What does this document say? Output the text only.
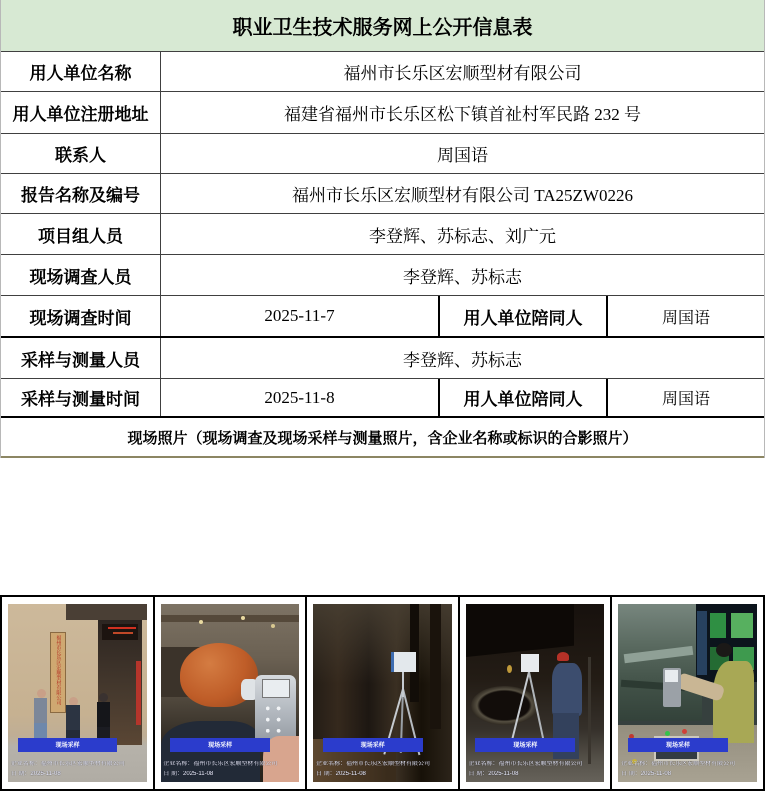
职业卫生技术服务网上公开信息表
用人单位名称	福州市长乐区宏顺型材有限公司
用人单位注册地址	福建省福州市长乐区松下镇首祉村军民路 232 号
联系人	周国语
报告名称及编号	福州市长乐区宏顺型材有限公司 TA25ZW0226
项目组人员	李登辉、苏标志、刘广元
现场调查人员	李登辉、苏标志
现场调查时间	2025-11-7	用人单位陪同人	周国语
采样与测量人员	李登辉、苏标志
采样与测量时间	2025-11-8	用人单位陪同人	周国语
现场照片（现场调查及现场采样与测量照片，含企业名称或标识的合影照片）
福州市长乐区宏顺型材有限公司
现场采样
企业名称：福州市长乐区宏顺型材有限公司
日 期：2025-11-08
现场采样
企业名称：福州市长乐区宏顺型材有限公司
日 期：2025-11-08
现场采样
企业名称：福州市长乐区宏顺型材有限公司
日 期：2025-11-08
现场采样
企业名称：福州市长乐区宏顺型材有限公司
日 期：2025-11-08
现场采样
企业名称：福州市长乐区宏顺型材有限公司
日 期：2025-11-08
